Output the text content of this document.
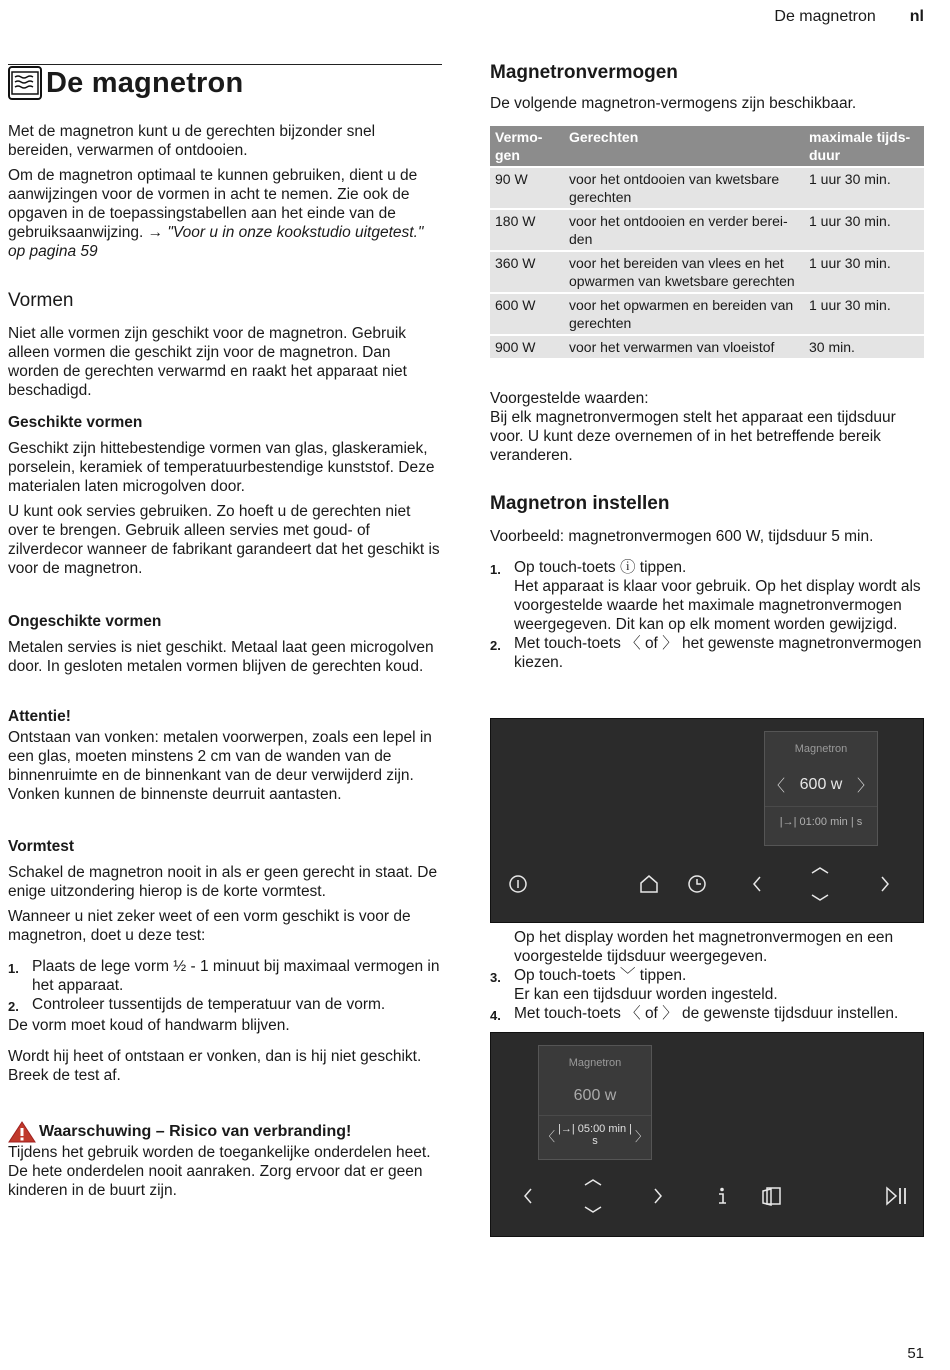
De magnetron nl
De magnetron

Met de magnetron kunt u de gerechten bijzonder snel bereiden, verwarmen of ontdooien.

Om de magnetron optimaal te kunnen gebruiken, dient u de aanwijzingen voor de vormen in acht te nemen. Zie ook de opgaven in de toepassingstabellen aan het einde van de gebruiksaanwijzing. → "Voor u in onze kookstudio uitgetest." op pagina 59

Vormen

Niet alle vormen zijn geschikt voor de magnetron. Gebruik alleen vormen die geschikt zijn voor de magnetron. Dan worden de gerechten verwarmd en raakt het apparaat niet beschadigd.

Geschikte vormen

Geschikt zijn hittebestendige vormen van glas, glaskeramiek, porselein, keramiek of temperatuurbestendige kunststof. Deze materialen laten microgolven door.

U kunt ook servies gebruiken. Zo hoeft u de gerechten niet over te brengen. Gebruik alleen servies met goud- of zilverdecor wanneer de fabrikant garandeert dat het geschikt is voor de magnetron.

Ongeschikte vormen

Metalen servies is niet geschikt. Metaal laat geen microgolven door. In gesloten metalen vormen blijven de gerechten koud.

Attentie!

Ontstaan van vonken: metalen voorwerpen, zoals een lepel in een glas, moeten minstens 2 cm van de wanden van de binnenruimte en de binnenkant van de deur verwijderd zijn. Vonken kunnen de binnenste deurruit aantasten.

Vormtest

Schakel de magnetron nooit in als er geen gerecht in staat. De enige uitzondering hierop is de korte vormtest.

Wanneer u niet zeker weet of een vorm geschikt is voor de magnetron, doet u deze test:

1. Plaats de lege vorm ½ - 1 minuut bij maximaal vermogen in het apparaat.
2. Controleer tussentijds de temperatuur van de vorm.

De vorm moet koud of handwarm blijven.

Wordt hij heet of ontstaan er vonken, dan is hij niet geschikt.

Breek de test af.

Waarschuwing – Risico van verbranding!

Tijdens het gebruik worden de toegankelijke onderdelen heet. De hete onderdelen nooit aanraken. Zorg ervoor dat er geen kinderen in de buurt zijn.

Magnetronvermogen

De volgende magnetron-vermogens zijn beschikbaar.

Vermo-
gen	Gerechten	maximale tijds-
duur
90 W	voor het ontdooien van kwetsbare gerechten	1 uur 30 min.
180 W	voor het ontdooien en verder berei-
den	1 uur 30 min.
360 W	voor het bereiden van vlees en het opwarmen van kwetsbare gerechten	1 uur 30 min.
600 W	voor het opwarmen en bereiden van gerechten	1 uur 30 min.
900 W	voor het verwarmen van vloeistof	30 min.

Voorgestelde waarden:

Bij elk magnetronvermogen stelt het apparaat een tijdsduur voor. U kunt deze overnemen of in het betreffende bereik veranderen.

Magnetron instellen

Voorbeeld: magnetronvermogen 600 W, tijdsduur 5 min.

1. Op touch-toets ⓘ tippen.
Het apparaat is klaar voor gebruik. Op het display wordt als voorgestelde waarde het maximale magnetronvermogen weergegeven. Dit kan op elk moment worden gewijzigd.
2. Met touch-toets 〈 of 〉 het gewenste magnetronvermogen kiezen.
Magnetron
〈 600 w 〉
|→| 01:00 min | s

Op het display worden het magnetronvermogen en een voorgestelde tijdsduur weergegeven.

3. Op touch-toets ﹀ tippen.
Er kan een tijdsduur worden ingesteld.
4. Met touch-toets 〈 of 〉 de gewenste tijdsduur instellen.
Magnetron
600 w
〈 |→| 05:00 min | s	〉
51
